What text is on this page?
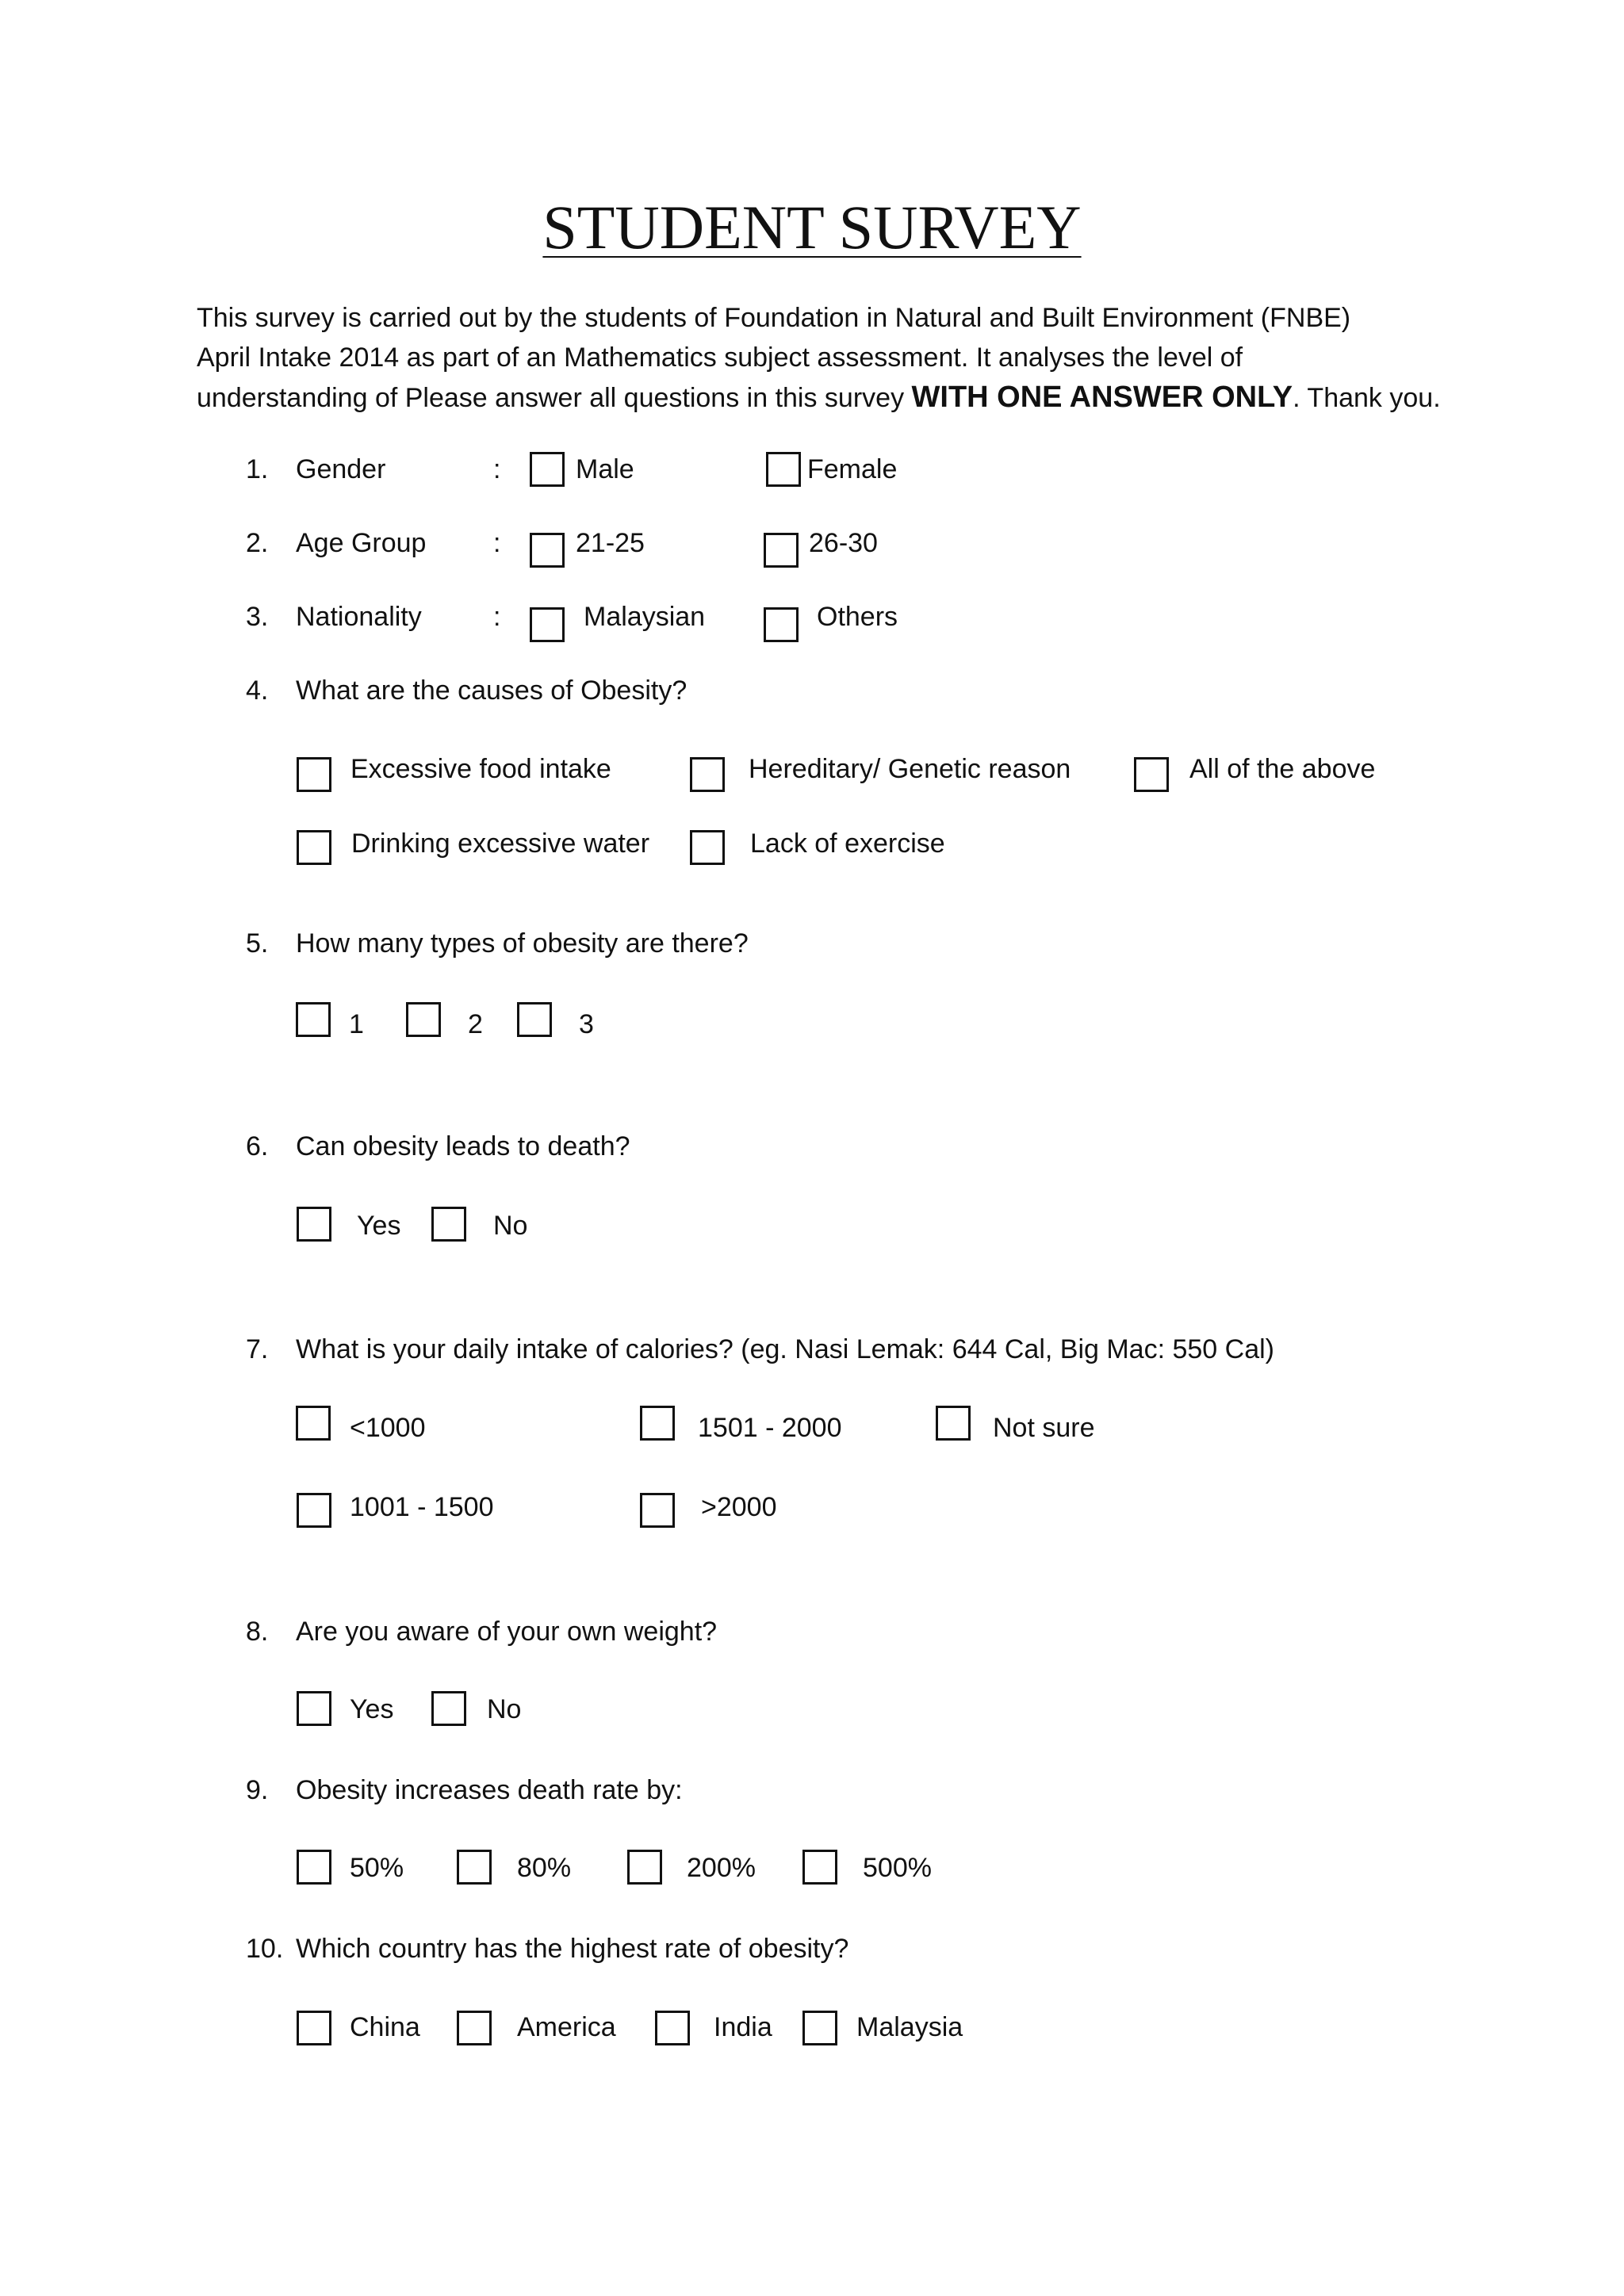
STUDENT SURVEY
This survey is carried out by the students of Foundation in Natural and Built Environment (FNBE)
April Intake 2014 as part of an Mathematics subject assessment. It analyses the level of
understanding of Please answer all questions in this survey WITH ONE ANSWER ONLY. Thank you.
1.	Gender	:	Male	Female
2.	Age Group :	21-25	26-30
3.	Nationality	:	Malaysian	Others
4.	What are the causes of Obesity?
Excessive food intake	Hereditary/ Genetic reason	All of the above
Drinking excessive water	Lack of exercise
5.	How many types of obesity are there?
1	2	3
6.	Can obesity leads to death?
Yes	No
7.	What is your daily intake of calories? (eg. Nasi Lemak: 644 Cal, Big Mac: 550 Cal)
<1000	1501 - 2000	Not sure
1001 - 1500	>2000
8.	Are you aware of your own weight?
Yes	No
9.	Obesity increases death rate by:
50%	80%	200%	500%
10. Which country has the highest rate of obesity?
China	America	India	Malaysia
